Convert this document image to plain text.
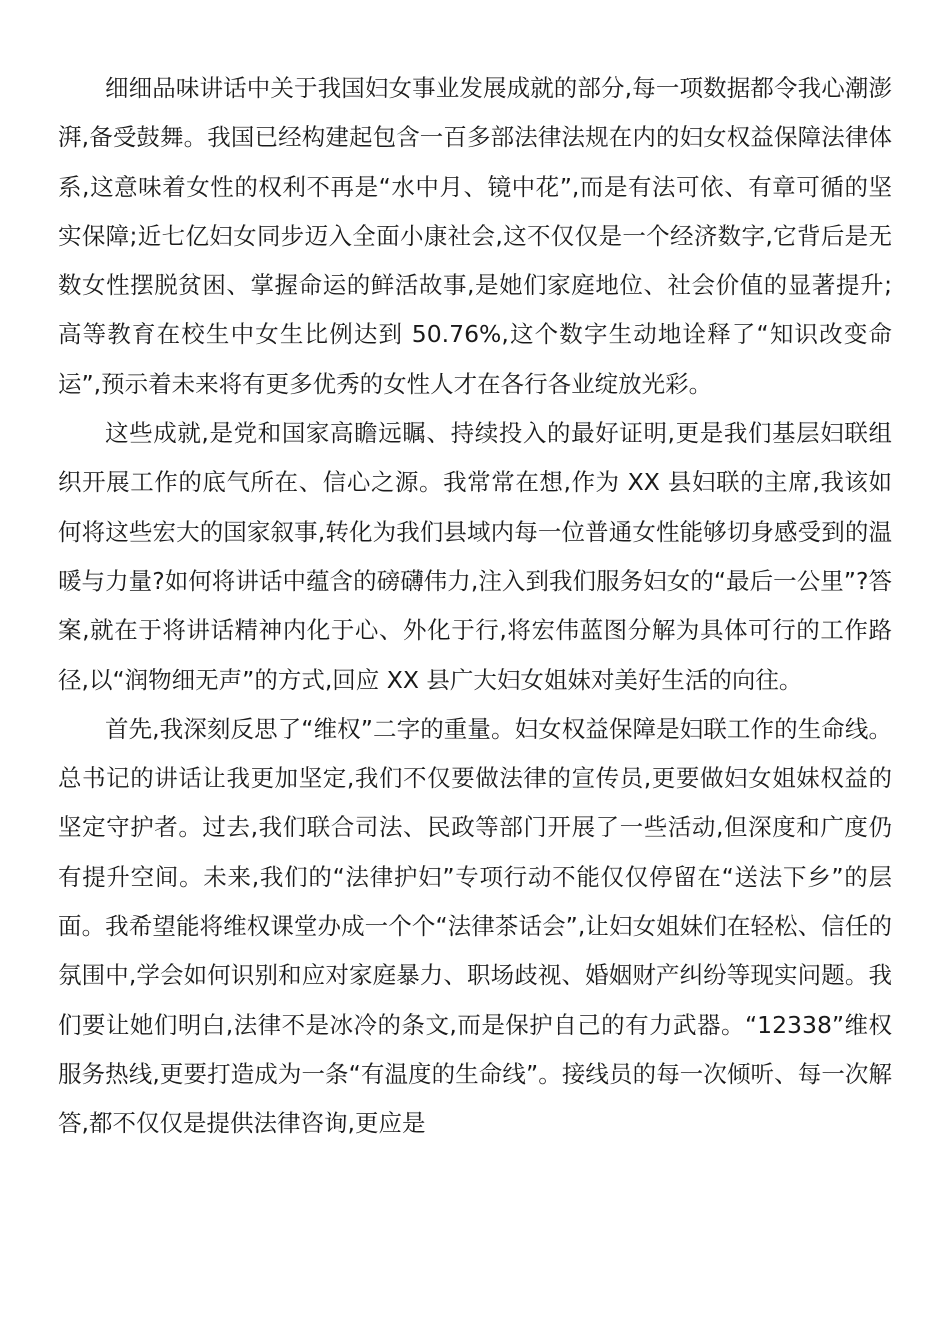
细细品味讲话中关于我国妇女事业发展成就的部分,每一项数据都令我心潮澎湃,备受鼓舞。我国已经构建起包含一百多部法律法规在内的妇女权益保障法律体系,这意味着女性的权利不再是“水中月、镜中花”,而是有法可依、有章可循的坚实保障;近七亿妇女同步迈入全面小康社会,这不仅仅是一个经济数字,它背后是无数女性摆脱贫困、掌握命运的鲜活故事,是她们家庭地位、社会价值的显著提升;高等教育在校生中女生比例达到 50.76%,这个数字生动地诠释了“知识改变命运”,预示着未来将有更多优秀的女性人才在各行各业绽放光彩。

这些成就,是党和国家高瞻远瞩、持续投入的最好证明,更是我们基层妇联组织开展工作的底气所在、信心之源。我常常在想,作为 XX 县妇联的主席,我该如何将这些宏大的国家叙事,转化为我们县域内每一位普通女性能够切身感受到的温暖与力量?如何将讲话中蕴含的磅礴伟力,注入到我们服务妇女的“最后一公里”?答案,就在于将讲话精神内化于心、外化于行,将宏伟蓝图分解为具体可行的工作路径,以“润物细无声”的方式,回应 XX 县广大妇女姐妹对美好生活的向往。

首先,我深刻反思了“维权”二字的重量。妇女权益保障是妇联工作的生命线。总书记的讲话让我更加坚定,我们不仅要做法律的宣传员,更要做妇女姐妹权益的坚定守护者。过去,我们联合司法、民政等部门开展了一些活动,但深度和广度仍有提升空间。未来,我们的“法律护妇”专项行动不能仅仅停留在“送法下乡”的层面。我希望能将维权课堂办成一个个“法律茶话会”,让妇女姐妹们在轻松、信任的氛围中,学会如何识别和应对家庭暴力、职场歧视、婚姻财产纠纷等现实问题。我们要让她们明白,法律不是冰冷的条文,而是保护自己的有力武器。“12338”维权服务热线,更要打造成为一条“有温度的生命线”。接线员的每一次倾听、每一次解答,都不仅仅是提供法律咨询,更应是
